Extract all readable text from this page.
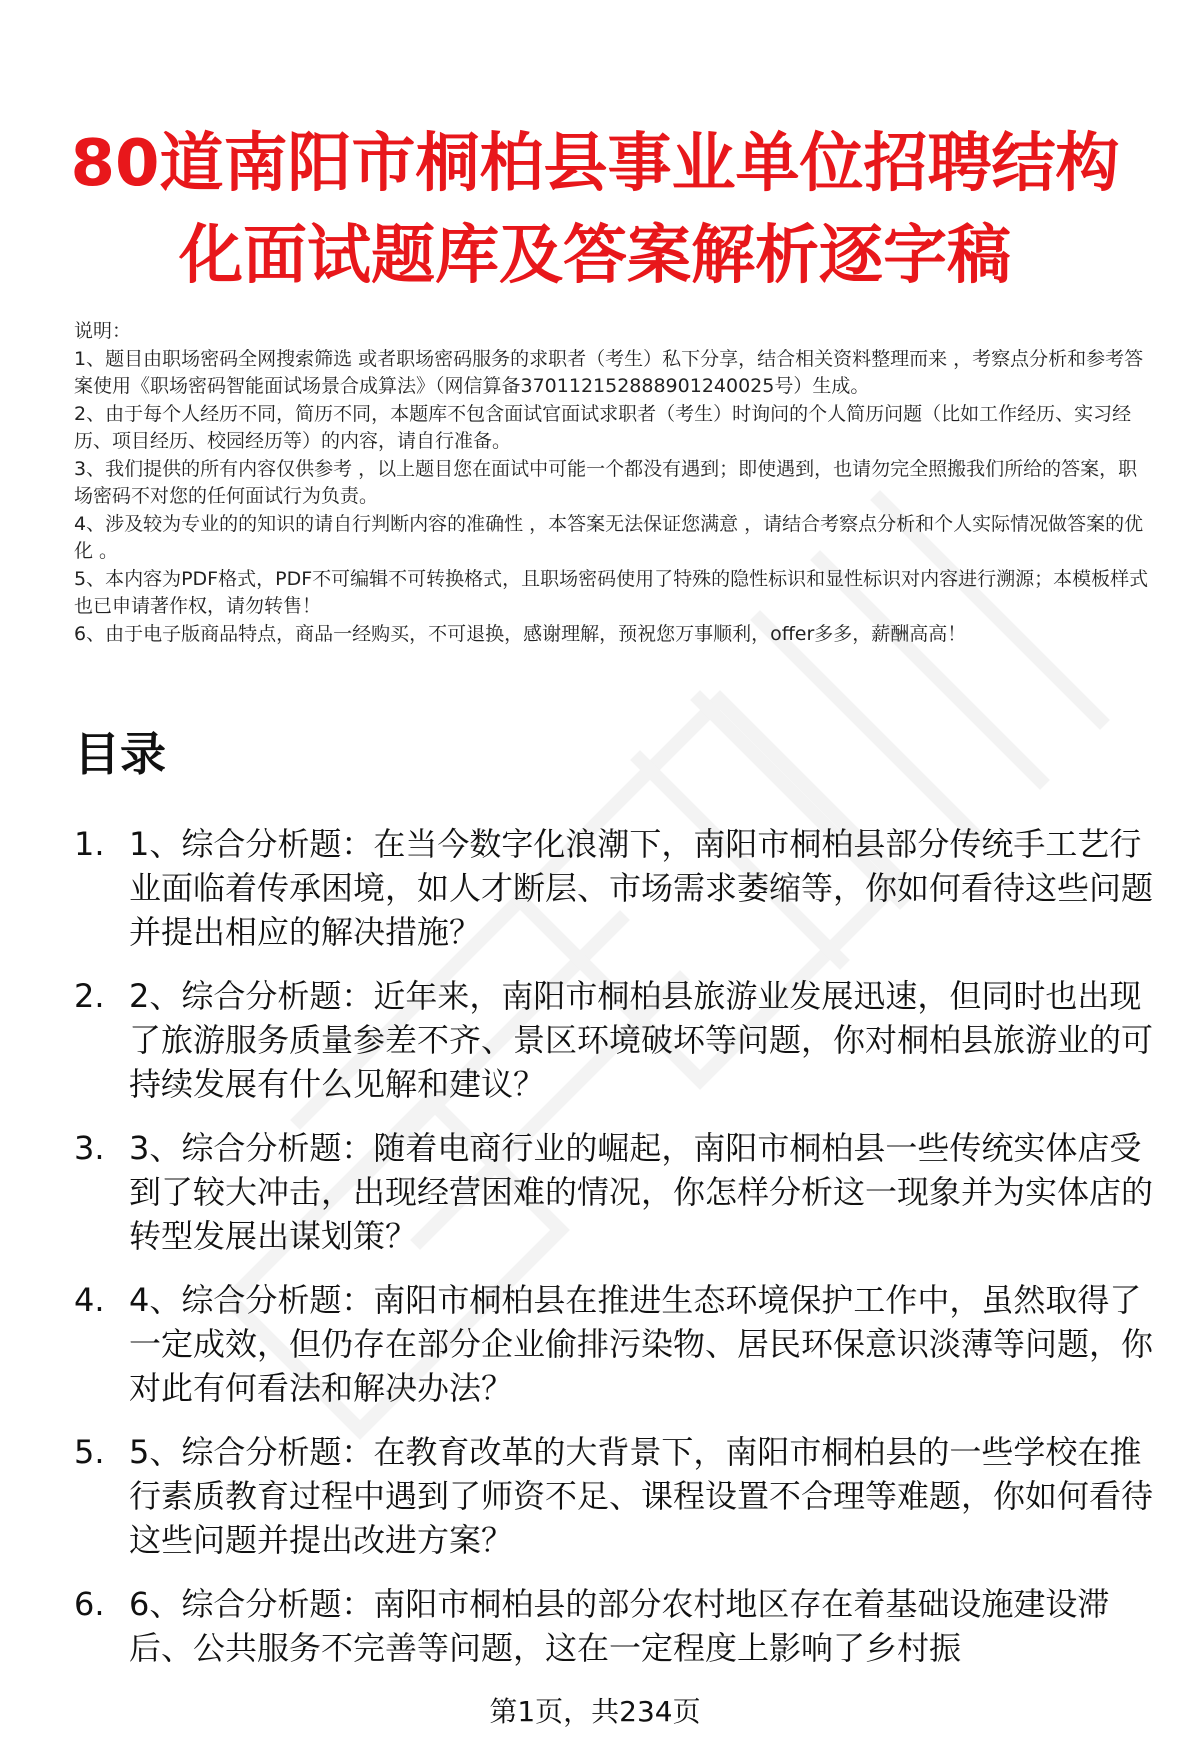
80道南阳市桐柏县事业单位招聘结构化面试题库及答案解析逐字稿

说明：

1、题目由职场密码全网搜索筛选 或者职场密码服务的求职者（考生）私下分享，结合相关资料整理而来 ，考察点分析和参考答案使用《职场密码智能面试场景合成算法》（网信算备370112152888901240025号）生成。

2、由于每个人经历不同，简历不同，本题库不包含面试官面试求职者（考生）时询问的个人简历问题（比如工作经历、实习经历、项目经历、校园经历等）的内容，请自行准备。

3、我们提供的所有内容仅供参考 ，以上题目您在面试中可能一个都没有遇到；即使遇到，也请勿完全照搬我们所给的答案，职场密码不对您的任何面试行为负责。

4、涉及较为专业的的知识的请自行判断内容的准确性 ，本答案无法保证您满意 ，请结合考察点分析和个人实际情况做答案的优化 。

5、本内容为PDF格式，PDF不可编辑不可转换格式，且职场密码使用了特殊的隐性标识和显性标识对内容进行溯源；本模板样式也已申请著作权，请勿转售！

6、由于电子版商品特点，商品一经购买，不可退换，感谢理解，预祝您万事顺利，offer多多，薪酬高高！

目录
1. 1、综合分析题：在当今数字化浪潮下，南阳市桐柏县部分传统手工艺行业面临着传承困境，如人才断层、市场需求萎缩等，你如何看待这些问题并提出相应的解决措施？
2. 2、综合分析题：近年来，南阳市桐柏县旅游业发展迅速，但同时也出现了旅游服务质量参差不齐、景区环境破坏等问题，你对桐柏县旅游业的可持续发展有什么见解和建议？
3. 3、综合分析题：随着电商行业的崛起，南阳市桐柏县一些传统实体店受到了较大冲击，出现经营困难的情况，你怎样分析这一现象并为实体店的转型发展出谋划策？
4. 4、综合分析题：南阳市桐柏县在推进生态环境保护工作中，虽然取得了一定成效，但仍存在部分企业偷排污染物、居民环保意识淡薄等问题，你对此有何看法和解决办法？
5. 5、综合分析题：在教育改革的大背景下，南阳市桐柏县的一些学校在推行素质教育过程中遇到了师资不足、课程设置不合理等难题，你如何看待这些问题并提出改进方案？
6. 6、综合分析题：南阳市桐柏县的部分农村地区存在着基础设施建设滞后、公共服务不完善等问题，这在一定程度上影响了乡村振
第1页，共234页
